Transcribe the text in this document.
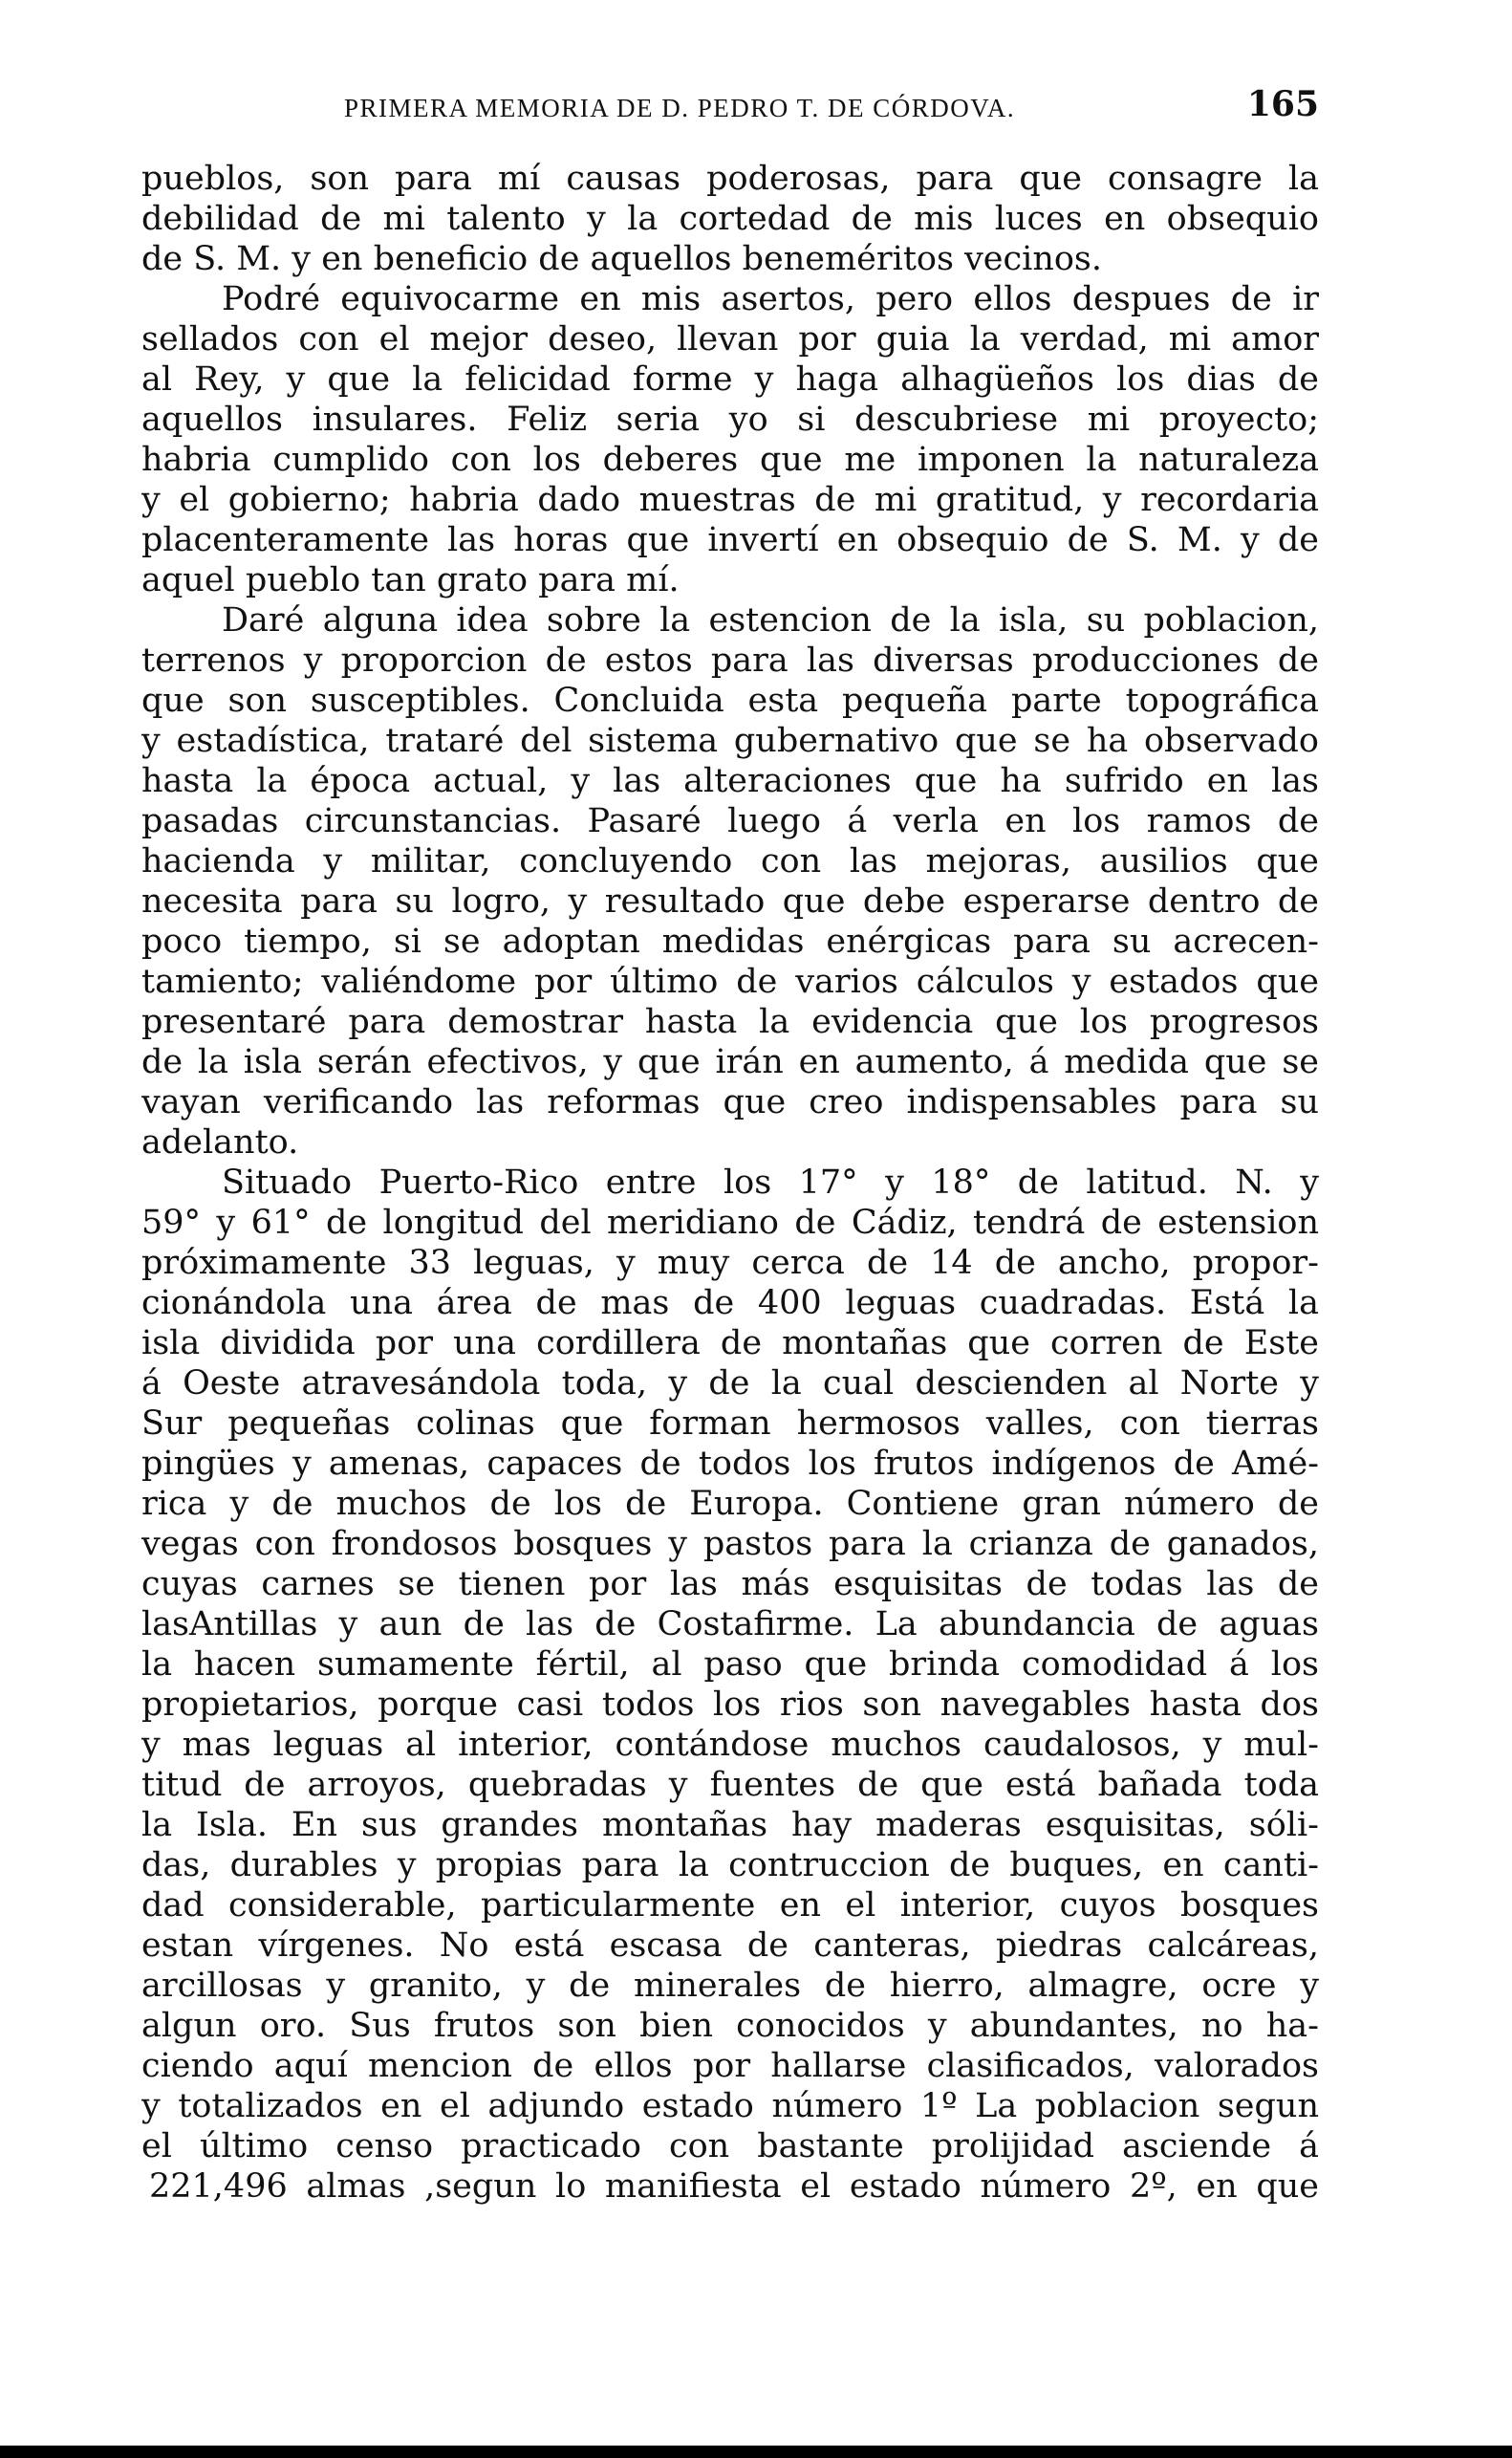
PRIMERA MEMORIA DE D. PEDRO T. DE CÓRDOVA.	165
pueblos, son para mí causas poderosas, para que consagre la
debilidad de mi talento y la cortedad de mis luces en obsequio
de S. M. y en beneficio de aquellos beneméritos vecinos.
Podré equivocarme en mis asertos, pero ellos despues de ir
sellados con el mejor deseo, llevan por guia la verdad, mi amor
al Rey, y que la felicidad forme y haga alhagüeños los dias de
aquellos insulares. Feliz seria yo si descubriese mi proyecto;
habria cumplido con los deberes que me imponen la naturaleza
y el gobierno; habria dado muestras de mi gratitud, y recordaria
placenteramente las horas que invertí en obsequio de S. M. y de
aquel pueblo tan grato para mí.
Daré alguna idea sobre la estencion de la isla, su poblacion,
terrenos y proporcion de estos para las diversas producciones de
que son susceptibles. Concluida esta pequeña parte topográfica
y estadística, trataré del sistema gubernativo que se ha observado
hasta la época actual, y las alteraciones que ha sufrido en las
pasadas circunstancias. Pasaré luego á verla en los ramos de
hacienda y militar, concluyendo con las mejoras, ausilios que
necesita para su logro, y resultado que debe esperarse dentro de
poco tiempo, si se adoptan medidas enérgicas para su acrecen-
tamiento; valiéndome por último de varios cálculos y estados que
presentaré para demostrar hasta la evidencia que los progresos
de la isla serán efectivos, y que irán en aumento, á medida que se
vayan verificando las reformas que creo indispensables para su
adelanto.
Situado Puerto-Rico entre los 17° y 18° de latitud. N. y
59° y 61° de longitud del meridiano de Cádiz, tendrá de estension
próximamente 33 leguas, y muy cerca de 14 de ancho, propor-
cionándola una área de mas de 400 leguas cuadradas. Está la
isla dividida por una cordillera de montañas que corren de Este
á Oeste atravesándola toda, y de la cual descienden al Norte y
Sur pequeñas colinas que forman hermosos valles, con tierras
pingües y amenas, capaces de todos los frutos indígenos de Amé-
rica y de muchos de los de Europa. Contiene gran número de
vegas con frondosos bosques y pastos para la crianza de ganados,
cuyas carnes se tienen por las más esquisitas de todas las de
lasAntillas y aun de las de Costafirme. La abundancia de aguas
la hacen sumamente fértil, al paso que brinda comodidad á los
propietarios, porque casi todos los rios son navegables hasta dos
y mas leguas al interior, contándose muchos caudalosos, y mul-
titud de arroyos, quebradas y fuentes de que está bañada toda
la Isla. En sus grandes montañas hay maderas esquisitas, sóli-
das, durables y propias para la contruccion de buques, en canti-
dad considerable, particularmente en el interior, cuyos bosques
estan vírgenes. No está escasa de canteras, piedras calcáreas,
arcillosas y granito, y de minerales de hierro, almagre, ocre y
algun oro. Sus frutos son bien conocidos y abundantes, no ha-
ciendo aquí mencion de ellos por hallarse clasificados, valorados
y totalizados en el adjundo estado número 1º La poblacion segun
el último censo practicado con bastante prolijidad asciende á
221,496 almas ,segun lo manifiesta el estado número 2º, en que
